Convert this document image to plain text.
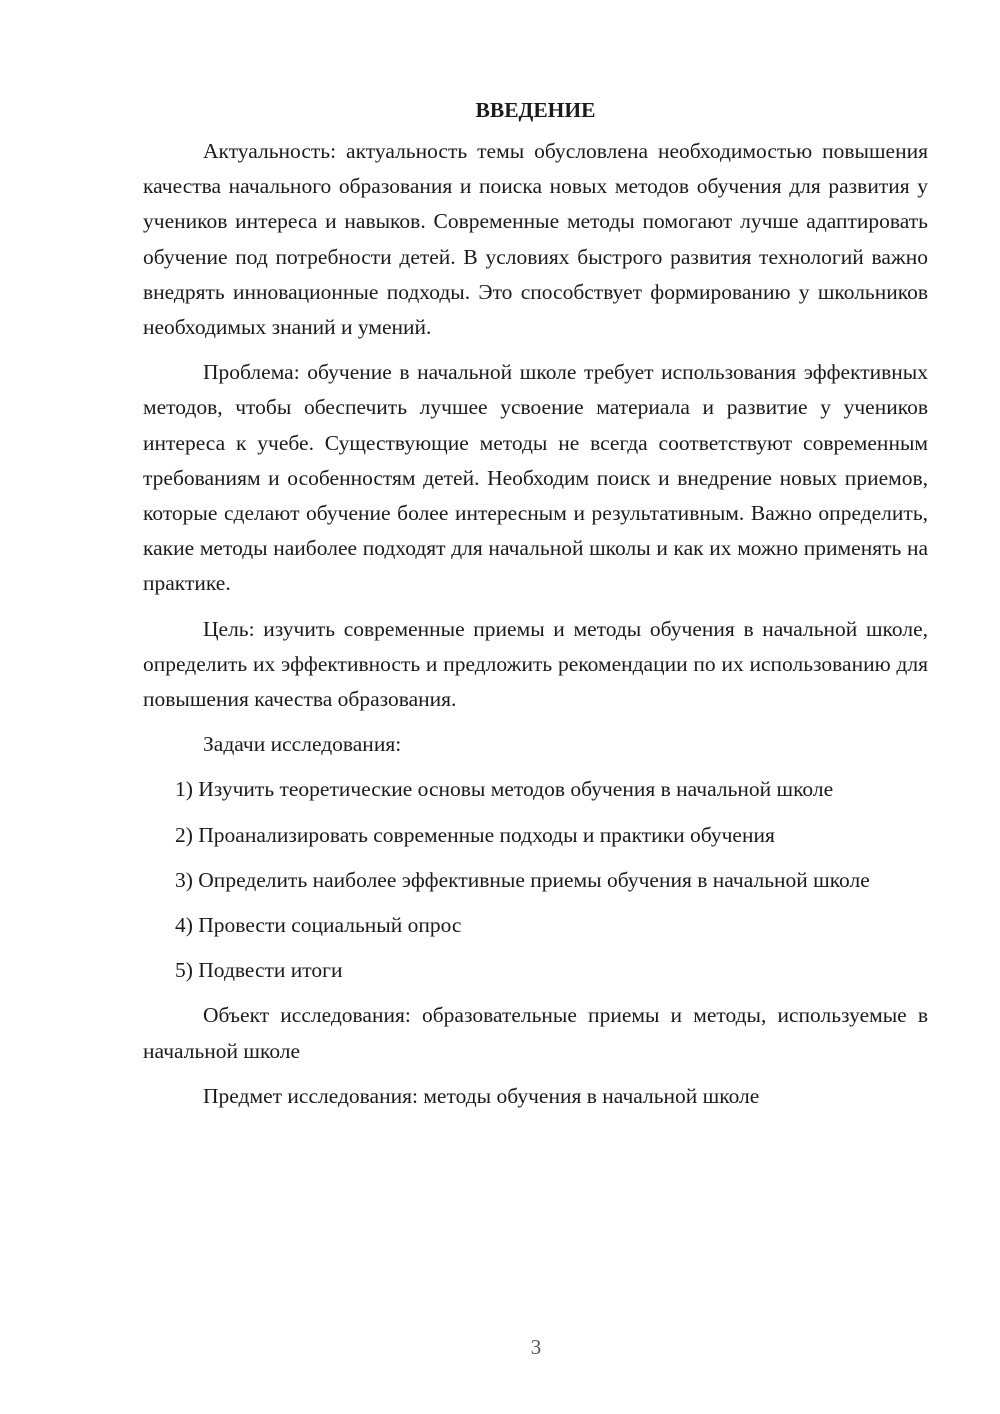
ВВЕДЕНИЕ

Актуальность: актуальность темы обусловлена необходимостью повышения качества начального образования и поиска новых методов обучения для развития у учеников интереса и навыков. Современные методы помогают лучше адаптировать обучение под потребности детей. В условиях быстрого развития технологий важно внедрять инновационные подходы. Это способствует формированию у школьников необходимых знаний и умений.

Проблема: обучение в начальной школе требует использования эффективных методов, чтобы обеспечить лучшее усвоение материала и развитие у учеников интереса к учебе. Существующие методы не всегда соответствуют современным требованиям и особенностям детей. Необходим поиск и внедрение новых приемов, которые сделают обучение более интересным и результативным. Важно определить, какие методы наиболее подходят для начальной школы и как их можно применять на практике.

Цель: изучить современные приемы и методы обучения в начальной школе, определить их эффективность и предложить рекомендации по их использованию для повышения качества образования.

Задачи исследования:

1) Изучить теоретические основы методов обучения в начальной школе

2) Проанализировать современные подходы и практики обучения

3) Определить наиболее эффективные приемы обучения в начальной школе

4) Провести социальный опрос

5) Подвести итоги

Объект исследования: образовательные приемы и методы, используемые в начальной школе

Предмет исследования: методы обучения в начальной школе

3
